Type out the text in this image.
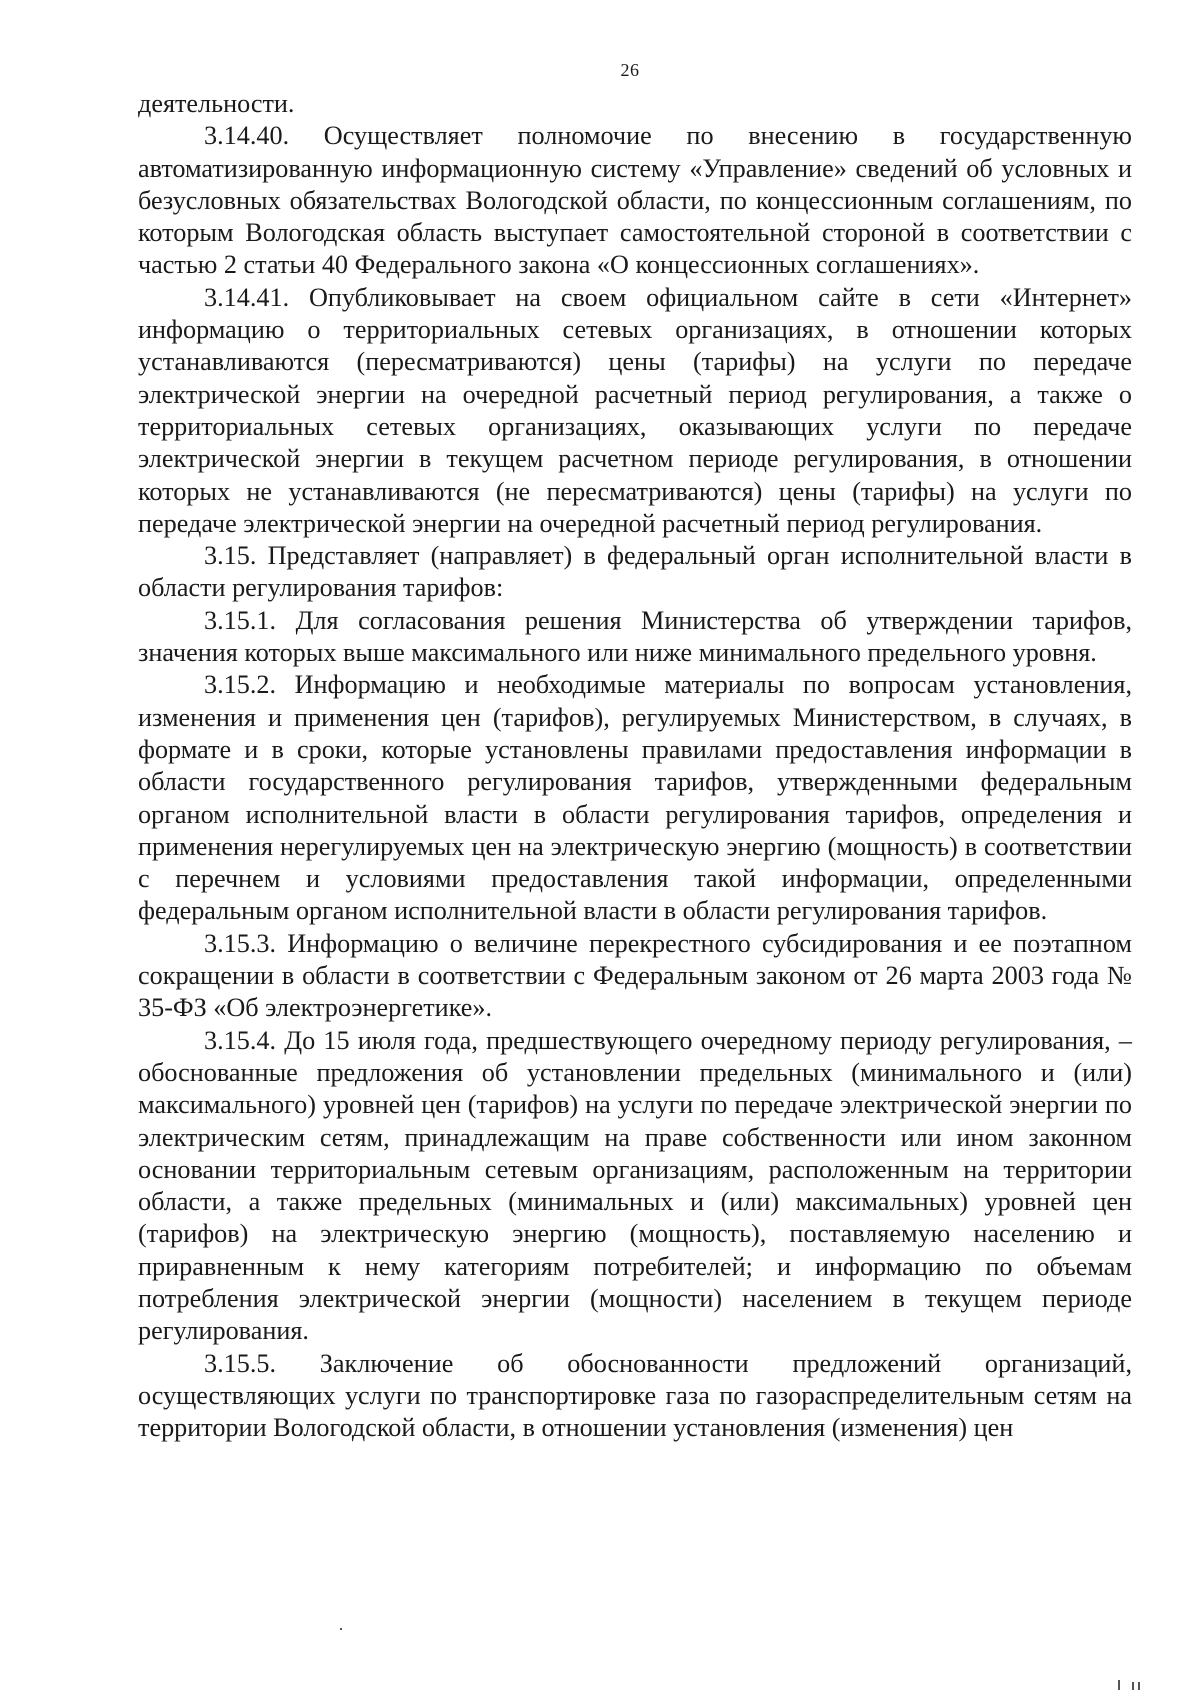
26

деятельности.

3.14.40. Осуществляет полномочие по внесению в государственную автоматизированную информационную систему «Управление» сведений об условных и безусловных обязательствах Вологодской области, по концессионным соглашениям, по которым Вологодская область выступает самостоятельной стороной в соответствии с частью 2 статьи 40 Федерального закона «О концессионных соглашениях».

3.14.41. Опубликовывает на своем официальном сайте в сети «Интернет» информацию о территориальных сетевых организациях, в отношении которых устанавливаются (пересматриваются) цены (тарифы) на услуги по передаче электрической энергии на очередной расчетный период регулирования, а также о территориальных сетевых организациях, оказывающих услуги по передаче электрической энергии в текущем расчетном периоде регулирования, в отношении которых не устанавливаются (не пересматриваются) цены (тарифы) на услуги по передаче электрической энергии на очередной расчетный период регулирования.

3.15. Представляет (направляет) в федеральный орган исполнительной власти в области регулирования тарифов:

3.15.1. Для согласования решения Министерства об утверждении тарифов, значения которых выше максимального или ниже минимального предельного уровня.

3.15.2. Информацию и необходимые материалы по вопросам установления, изменения и применения цен (тарифов), регулируемых Министерством, в случаях, в формате и в сроки, которые установлены правилами предоставления информации в области государственного регулирования тарифов, утвержденными федеральным органом исполнительной власти в области регулирования тарифов, определения и применения нерегулируемых цен на электрическую энергию (мощность) в соответствии с перечнем и условиями предоставления такой информации, определенными федеральным органом исполнительной власти в области регулирования тарифов.

3.15.3. Информацию о величине перекрестного субсидирования и ее поэтапном сокращении в области в соответствии с Федеральным законом от 26 марта 2003 года № 35-ФЗ «Об электроэнергетике».

3.15.4. До 15 июля года, предшествующего очередному периоду регулирования, – обоснованные предложения об установлении предельных (минимального и (или) максимального) уровней цен (тарифов) на услуги по передаче электрической энергии по электрическим сетям, принадлежащим на праве собственности или ином законном основании территориальным сетевым организациям, расположенным на территории области, а также предельных (минимальных и (или) максимальных) уровней цен (тарифов) на электрическую энергию (мощность), поставляемую населению и приравненным к нему категориям потребителей; и информацию по объемам потребления электрической энергии (мощности) населением в текущем периоде регулирования.

3.15.5. Заключение об обоснованности предложений организаций, осуществляющих услуги по транспортировке газа по газораспределительным сетям на территории Вологодской области, в отношении установления (изменения) цен
